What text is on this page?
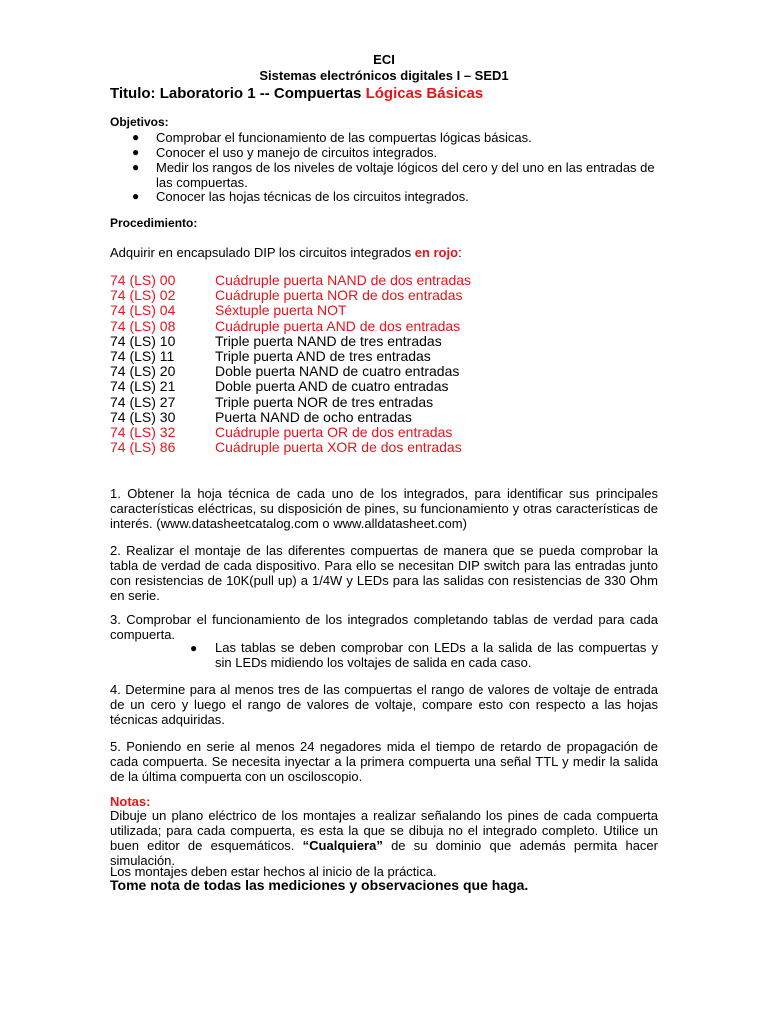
ECI
Sistemas electrónicos digitales I – SED1
Titulo: Laboratorio 1 -- Compuertas Lógicas Básicas
Objetivos:
● Comprobar el funcionamiento de las compuertas lógicas básicas.
● Conocer el uso y manejo de circuitos integrados.
● Medir los rangos de los niveles de voltaje lógicos del cero y del uno en las entradas de
las compuertas.
● Conocer las hojas técnicas de los circuitos integrados.
Procedimiento:
Adquirir en encapsulado DIP los circuitos integrados en rojo:
74 (LS) 00	Cuádruple puerta NAND de dos entradas
74 (LS) 02	Cuádruple puerta NOR de dos entradas
74 (LS) 04	Séxtuple puerta NOT
74 (LS) 08	Cuádruple puerta AND de dos entradas
74 (LS) 10	Triple puerta NAND de tres entradas
74 (LS) 11	Triple puerta AND de tres entradas
74 (LS) 20	Doble puerta NAND de cuatro entradas
74 (LS) 21	Doble puerta AND de cuatro entradas
74 (LS) 27	Triple puerta NOR de tres entradas
74 (LS) 30	Puerta NAND de ocho entradas
74 (LS) 32	Cuádruple puerta OR de dos entradas
74 (LS) 86	Cuádruple puerta XOR de dos entradas
1. Obtener la hoja técnica de cada uno de los integrados, para identificar sus principales características eléctricas, su disposición de pines, su funcionamiento y otras características de interés. (www.datasheetcatalog.com o www.alldatasheet.com)
2. Realizar el montaje de las diferentes compuertas de manera que se pueda comprobar la tabla de verdad de cada dispositivo. Para ello se necesitan DIP switch para las entradas junto con resistencias de 10K(pull up) a 1/4W y LEDs para las salidas con resistencias de 330 Ohm en serie.
3. Comprobar el funcionamiento de los integrados completando tablas de verdad para cada compuerta.
● Las tablas se deben comprobar con LEDs a la salida de las compuertas y sin LEDs midiendo los voltajes de salida en cada caso.
4. Determine para al menos tres de las compuertas el rango de valores de voltaje de entrada de un cero y luego el rango de valores de voltaje, compare esto con respecto a las hojas técnicas adquiridas.
5. Poniendo en serie al menos 24 negadores mida el tiempo de retardo de propagación de cada compuerta. Se necesita inyectar a la primera compuerta una señal TTL y medir la salida de la última compuerta con un osciloscopio.
Notas:
Dibuje un plano eléctrico de los montajes a realizar señalando los pines de cada compuerta utilizada; para cada compuerta, es esta la que se dibuja no el integrado completo. Utilice un buen editor de esquemáticos. “Cualquiera” de su dominio que además permita hacer simulación.
Los montajes deben estar hechos al inicio de la práctica.
Tome nota de todas las mediciones y observaciones que haga.
